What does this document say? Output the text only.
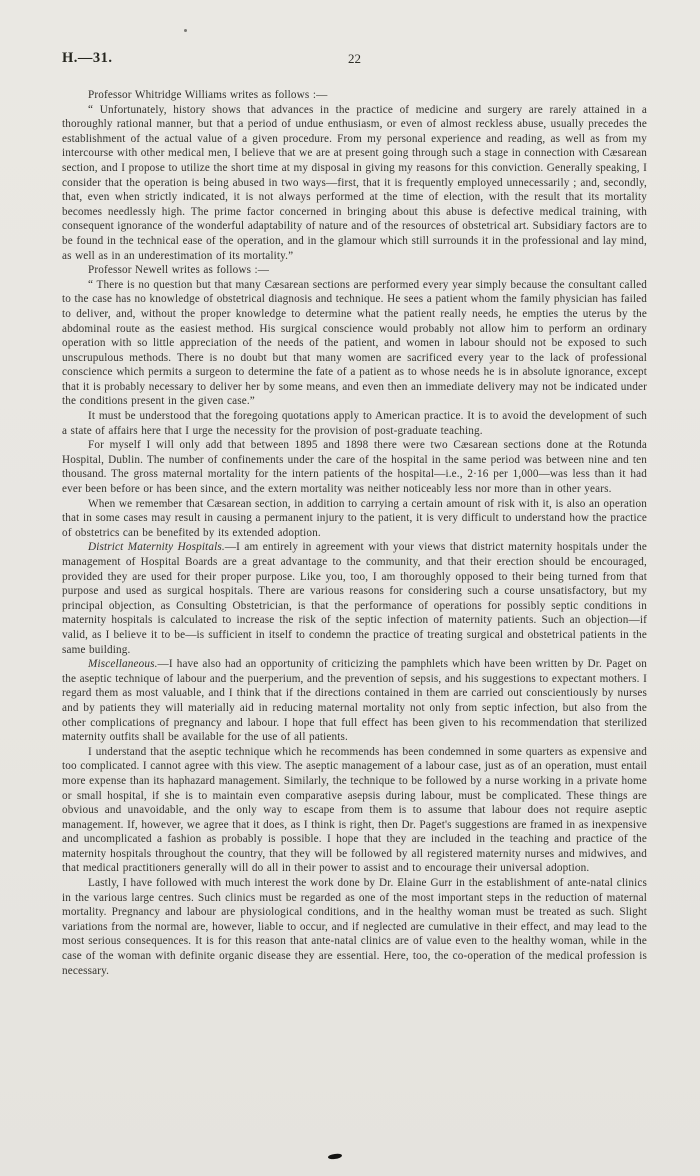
H.—31.	22

Professor Whitridge Williams writes as follows :—

“ Unfortunately, history shows that advances in the practice of medicine and surgery are rarely attained in a thoroughly rational manner, but that a period of undue enthusiasm, or even of almost reckless abuse, usually precedes the establishment of the actual value of a given procedure. From my personal experience and reading, as well as from my intercourse with other medical men, I believe that we are at present going through such a stage in connection with Cæsarean section, and I propose to utilize the short time at my disposal in giving my reasons for this conviction. Generally speaking, I consider that the operation is being abused in two ways—first, that it is frequently employed unnecessarily ; and, secondly, that, even when strictly indicated, it is not always performed at the time of election, with the result that its mortality becomes needlessly high. The prime factor concerned in bringing about this abuse is defective medical training, with consequent ignorance of the wonderful adaptability of nature and of the resources of obstetrical art. Subsidiary factors are to be found in the technical ease of the operation, and in the glamour which still surrounds it in the professional and lay mind, as well as in an underestimation of its mortality.”

Professor Newell writes as follows :—

“ There is no question but that many Cæsarean sections are performed every year simply because the consultant called to the case has no knowledge of obstetrical diagnosis and technique. He sees a patient whom the family physician has failed to deliver, and, without the proper knowledge to determine what the patient really needs, he empties the uterus by the abdominal route as the easiest method. His surgical conscience would probably not allow him to perform an ordinary operation with so little appreciation of the needs of the patient, and women in labour should not be exposed to such unscrupulous methods. There is no doubt but that many women are sacrificed every year to the lack of professional conscience which permits a surgeon to determine the fate of a patient as to whose needs he is in absolute ignorance, except that it is probably necessary to deliver her by some means, and even then an immediate delivery may not be indicated under the conditions present in the given case.”

It must be understood that the foregoing quotations apply to American practice. It is to avoid the development of such a state of affairs here that I urge the necessity for the provision of post-graduate teaching.

For myself I will only add that between 1895 and 1898 there were two Cæsarean sections done at the Rotunda Hospital, Dublin. The number of confinements under the care of the hospital in the same period was between nine and ten thousand. The gross maternal mortality for the intern patients of the hospital—i.e., 2·16 per 1,000—was less than it had ever been before or has been since, and the extern mortality was neither noticeably less nor more than in other years.

When we remember that Cæsarean section, in addition to carrying a certain amount of risk with it, is also an operation that in some cases may result in causing a permanent injury to the patient, it is very difficult to understand how the practice of obstetrics can be benefited by its extended adoption.

District Maternity Hospitals.—I am entirely in agreement with your views that district maternity hospitals under the management of Hospital Boards are a great advantage to the community, and that their erection should be encouraged, provided they are used for their proper purpose. Like you, too, I am thoroughly opposed to their being turned from that purpose and used as surgical hospitals. There are various reasons for considering such a course unsatisfactory, but my principal objection, as Consulting Obstetrician, is that the performance of operations for possibly septic conditions in maternity hospitals is calculated to increase the risk of the septic infection of maternity patients. Such an objection—if valid, as I believe it to be—is sufficient in itself to condemn the practice of treating surgical and obstetrical patients in the same building.

Miscellaneous.—I have also had an opportunity of criticizing the pamphlets which have been written by Dr. Paget on the aseptic technique of labour and the puerperium, and the prevention of sepsis, and his suggestions to expectant mothers. I regard them as most valuable, and I think that if the directions contained in them are carried out conscientiously by nurses and by patients they will materially aid in reducing maternal mortality not only from septic infection, but also from the other complications of pregnancy and labour. I hope that full effect has been given to his recommendation that sterilized maternity outfits shall be available for the use of all patients.

I understand that the aseptic technique which he recommends has been condemned in some quarters as expensive and too complicated. I cannot agree with this view. The aseptic management of a labour case, just as of an operation, must entail more expense than its haphazard management. Similarly, the technique to be followed by a nurse working in a private home or small hospital, if she is to maintain even comparative asepsis during labour, must be complicated. These things are obvious and unavoidable, and the only way to escape from them is to assume that labour does not require aseptic management. If, however, we agree that it does, as I think is right, then Dr. Paget's suggestions are framed in as inexpensive and uncomplicated a fashion as probably is possible. I hope that they are included in the teaching and practice of the maternity hospitals throughout the country, that they will be followed by all registered maternity nurses and midwives, and that medical practitioners generally will do all in their power to assist and to encourage their universal adoption.

Lastly, I have followed with much interest the work done by Dr. Elaine Gurr in the establishment of ante-natal clinics in the various large centres. Such clinics must be regarded as one of the most important steps in the reduction of maternal mortality. Pregnancy and labour are physiological conditions, and in the healthy woman must be treated as such. Slight variations from the normal are, however, liable to occur, and if neglected are cumulative in their effect, and may lead to the most serious consequences. It is for this reason that ante-natal clinics are of value even to the healthy woman, while in the case of the woman with definite organic disease they are essential. Here, too, the co-operation of the medical profession is necessary.
